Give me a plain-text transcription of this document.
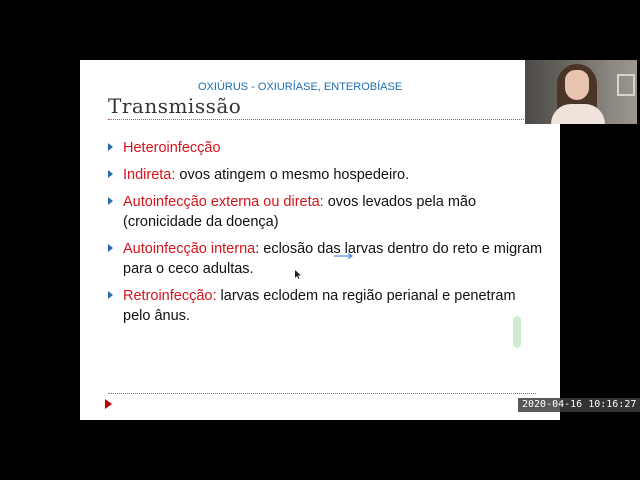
OXIÚRUS - OXIURÍASE, ENTEROBÍASE
Transmissão
Heteroinfecção
Indireta: ovos atingem o mesmo hospedeiro.
Autoinfecção externa ou direta: ovos levados pela mão (cronicidade da doença)
Autoinfecção interna: eclosão das larvas dentro do reto e migram para o ceco adultas.
Retroinfecção: larvas eclodem na região perianal e penetram pelo ânus.
2020-04-16 10:16:27
